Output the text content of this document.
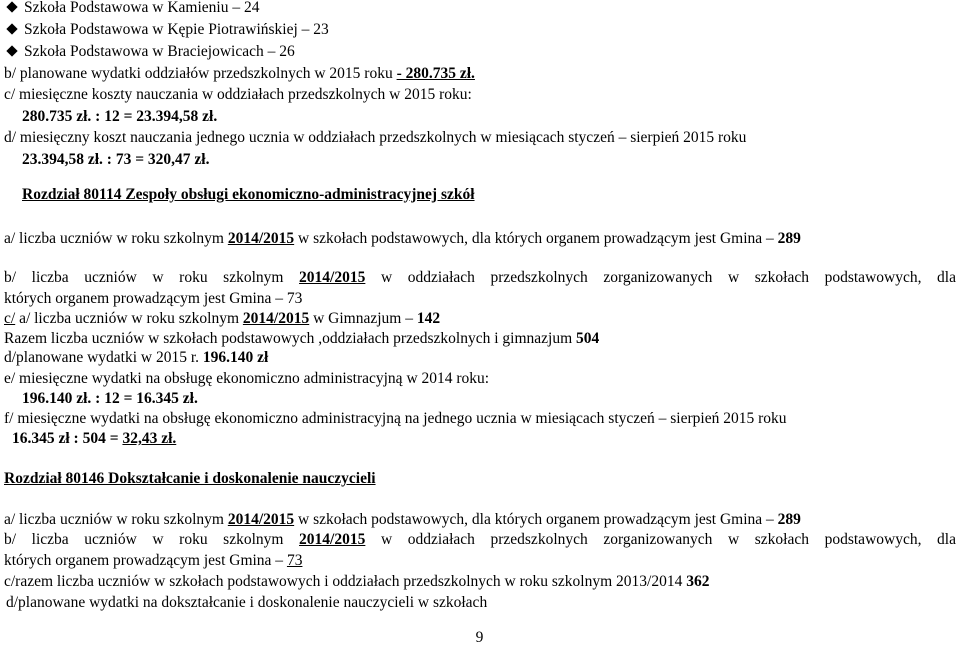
Szkoła Podstawowa w Kamieniu – 24
Szkoła Podstawowa w Kępie Piotrawińskiej – 23
Szkoła Podstawowa w Braciejowicach – 26
b/ planowane wydatki oddziałów przedszkolnych w 2015 roku - 280.735 zł.
c/ miesięczne koszty nauczania w oddziałach przedszkolnych w 2015 roku:
280.735 zł. : 12 = 23.394,58 zł.
d/ miesięczny koszt nauczania jednego ucznia w oddziałach przedszkolnych w miesiącach styczeń – sierpień 2015 roku
23.394,58 zł. : 73 = 320,47 zł.
Rozdział 80114 Zespoły obsługi ekonomiczno-administracyjnej szkół
a/ liczba uczniów w roku szkolnym 2014/2015 w szkołach podstawowych, dla których organem prowadzącym jest Gmina – 289
b/ liczba uczniów w roku szkolnym 2014/2015 w oddziałach przedszkolnych zorganizowanych w szkołach podstawowych, dla
których organem prowadzącym jest Gmina – 73
c/ a/ liczba uczniów w roku szkolnym 2014/2015 w Gimnazjum – 142
Razem liczba uczniów w szkołach podstawowych ,oddziałach przedszkolnych i gimnazjum 504
d/planowane wydatki w 2015 r. 196.140 zł
e/ miesięczne wydatki na obsługę ekonomiczno administracyjną w 2014 roku:
196.140 zł. : 12 = 16.345 zł.
f/ miesięczne wydatki na obsługę ekonomiczno administracyjną na jednego ucznia w miesiącach styczeń – sierpień 2015 roku
16.345 zł : 504 = 32,43 zł.
Rozdział 80146 Dokształcanie i doskonalenie nauczycieli
a/ liczba uczniów w roku szkolnym 2014/2015 w szkołach podstawowych, dla których organem prowadzącym jest Gmina – 289
b/ liczba uczniów w roku szkolnym 2014/2015 w oddziałach przedszkolnych zorganizowanych w szkołach podstawowych, dla
których organem prowadzącym jest Gmina – 73
c/razem liczba uczniów w szkołach podstawowych i oddziałach przedszkolnych w roku szkolnym 2013/2014 362
d/planowane wydatki na dokształcanie i doskonalenie nauczycieli w szkołach
9
